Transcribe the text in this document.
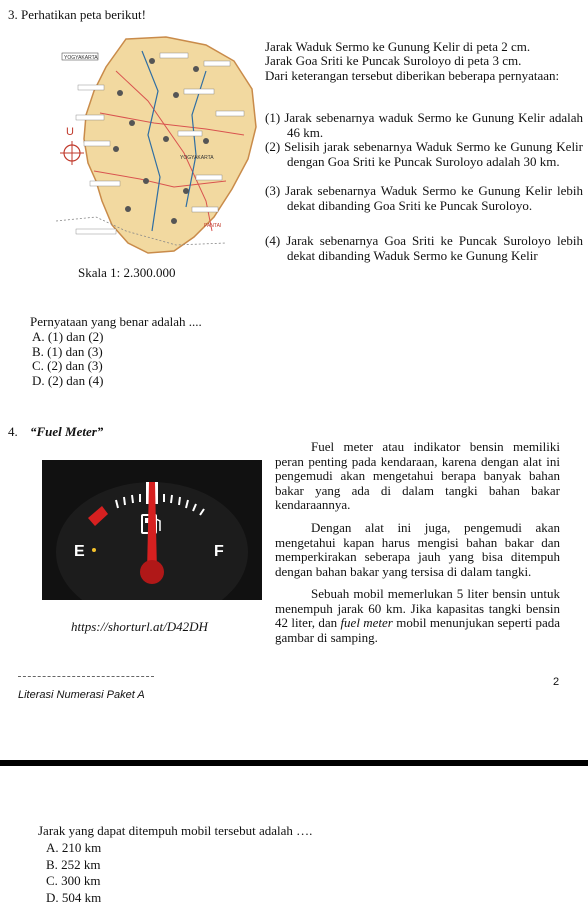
3. Perhatikan peta berikut!
YOGYAKARTA
U
YOGYAKARTA
PANTAI
Skala 1: 2.300.000
Jarak Waduk Sermo ke Gunung Kelir di peta 2 cm.
Jarak Goa Sriti ke Puncak Suroloyo di peta 3 cm.
Dari keterangan tersebut diberikan beberapa pernyataan:
(1) Jarak sebenarnya waduk Sermo ke Gunung Kelir adalah 46 km.
(2) Selisih jarak sebenarnya Waduk Sermo ke Gunung Kelir dengan Goa Sriti ke Puncak Suroloyo adalah 30 km.
(3) Jarak sebenarnya Waduk Sermo ke Gunung Kelir lebih dekat dibanding Goa Sriti ke Puncak Suroloyo.
(4) Jarak sebenarnya Goa Sriti ke Puncak Suroloyo lebih dekat dibanding Waduk Sermo ke Gunung Kelir
Pernyataan yang benar adalah ....
A. (1) dan (2)
B. (1) dan (3)
C. (2) dan (3)
D. (2) dan (4)
4. “Fuel Meter”
E	F
https://shorturl.at/D42DH
Fuel meter atau indikator bensin memiliki peran penting pada kendaraan, karena dengan alat ini pengemudi akan mengetahui berapa banyak bahan bakar yang ada di dalam tangki bahan bakar kendaraannya.
Dengan alat ini juga, pengemudi akan mengetahui kapan harus mengisi bahan bakar dan memperkirakan seberapa jauh yang bisa ditempuh dengan bahan bakar yang tersisa di dalam tangki.
Sebuah mobil memerlukan 5 liter bensin untuk menempuh jarak 60 km. Jika kapasitas tangki bensin 42 liter, dan fuel meter mobil menunjukan seperti pada gambar di samping.
Literasi Numerasi Paket A
2
Jarak yang dapat ditempuh mobil tersebut adalah ….
A. 210 km
B. 252 km
C. 300 km
D. 504 km
